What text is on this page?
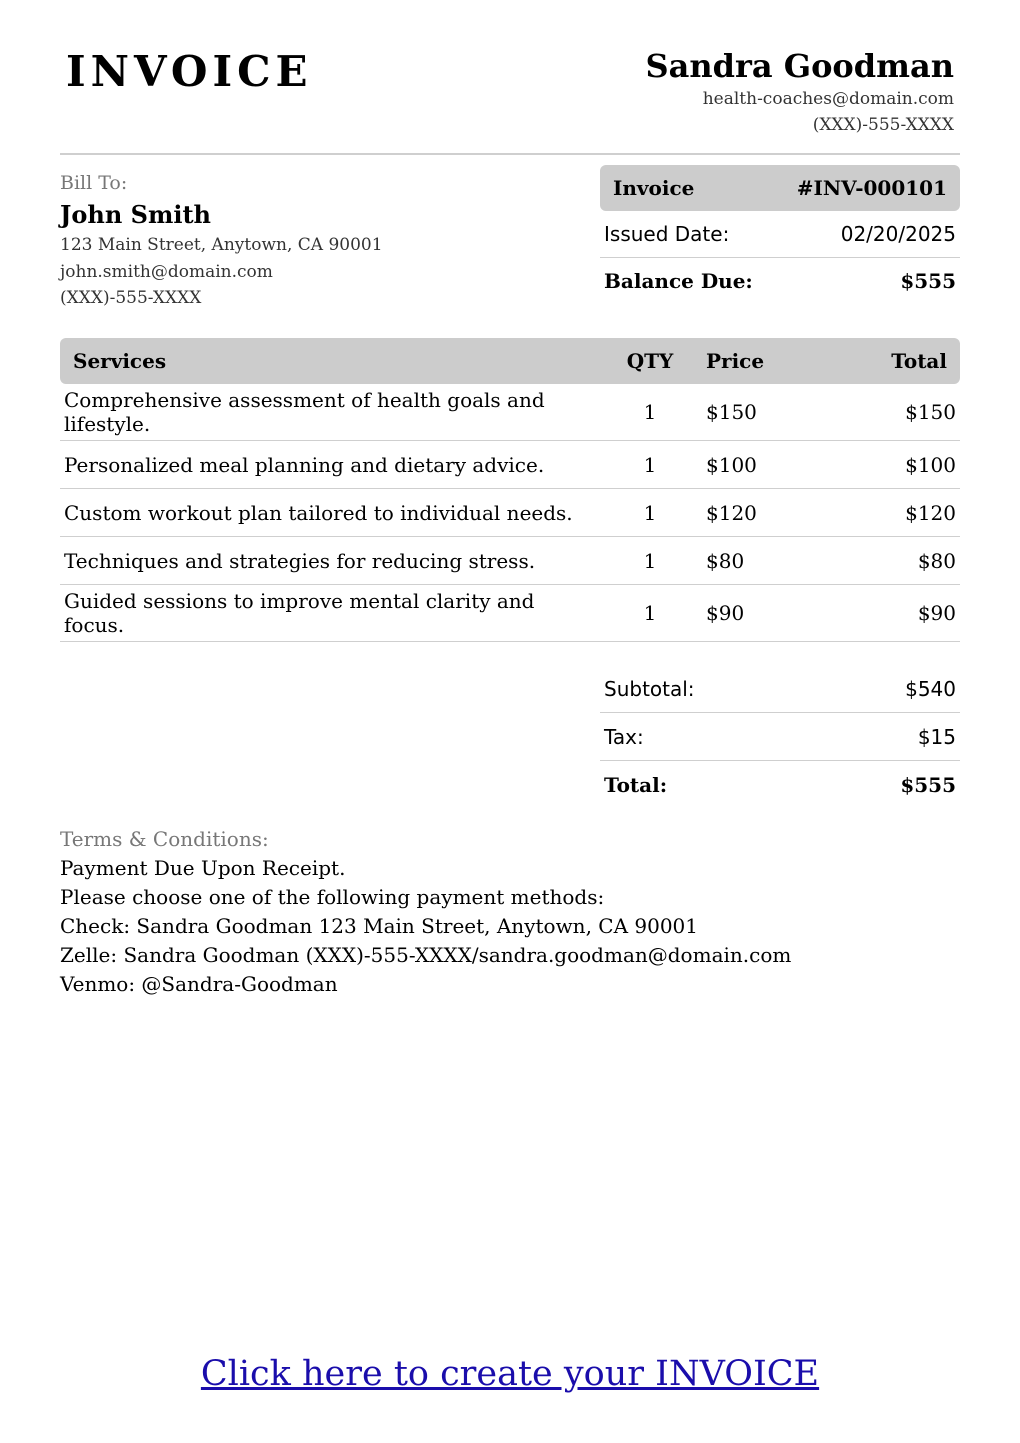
INVOICE	Sandra Goodman
health-coaches@domain.com
(XXX)-555-XXXX
Bill To:
John Smith
123 Main Street, Anytown, CA 90001
john.smith@domain.com
(XXX)-555-XXXX
Invoice	#INV-000101
Issued Date:	02/20/2025
Balance Due:	$555
Services	QTY	Price	Total
Comprehensive assessment of health goals and lifestyle.	1	$150	$150
Personalized meal planning and dietary advice.	1	$100	$100
Custom workout plan tailored to individual needs.	1	$120	$120
Techniques and strategies for reducing stress.	1	$80	$80
Guided sessions to improve mental clarity and focus.	1	$90	$90
Subtotal:	$540
Tax:	$15
Total:	$555
Terms & Conditions:
Payment Due Upon Receipt.
Please choose one of the following payment methods:
Check: Sandra Goodman 123 Main Street, Anytown, CA 90001
Zelle: Sandra Goodman (XXX)-555-XXXX/sandra.goodman@domain.com
Venmo: @Sandra-Goodman
Click here to create your INVOICE
